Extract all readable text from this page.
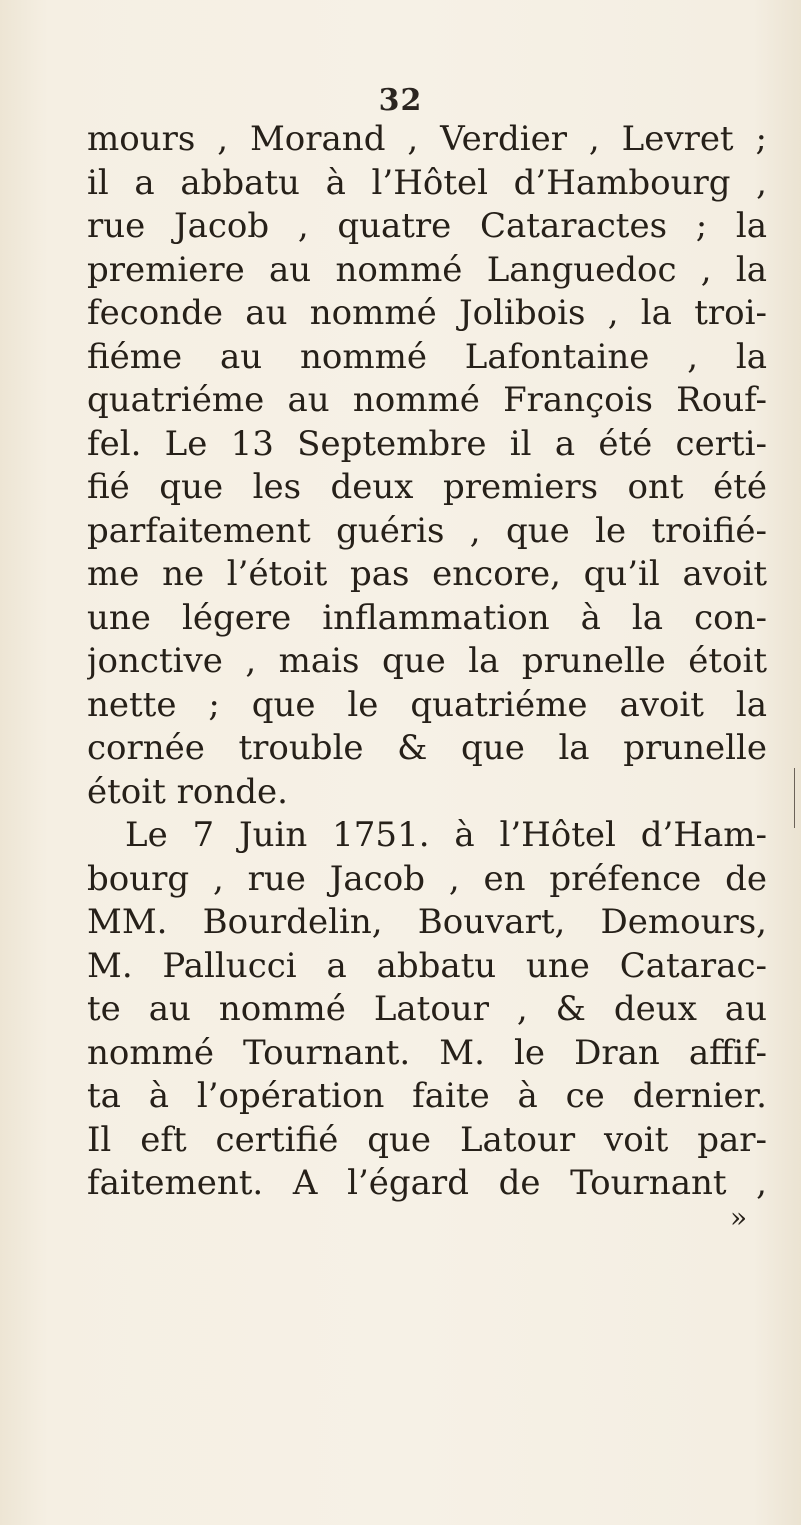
32
mours , Morand , Verdier , Levret ;
il a abbatu à l’Hôtel d’Hambourg ,
rue Jacob , quatre Cataractes ; la
premiere au nommé Languedoc , la
feconde au nommé Jolibois , la troi-
fiéme au nommé Lafontaine , la
quatriéme au nommé François Rouf-
fel. Le 13 Septembre il a été certi-
fié que les deux premiers ont été
parfaitement guéris , que le troifié-
me ne l’étoit pas encore, qu’il avoit
une légere inflammation à la con-
jonctive , mais que la prunelle étoit
nette ; que le quatriéme avoit la
cornée trouble & que la prunelle
étoit ronde.
Le 7 Juin 1751. à l’Hôtel d’Ham-
bourg , rue Jacob , en préfence de
MM. Bourdelin, Bouvart, Demours,
M. Pallucci a abbatu une Catarac-
te au nommé Latour , & deux au
nommé Tournant. M. le Dran affif-
ta à l’opération faite à ce dernier.
Il eft certifié que Latour voit par-
faitement. A l’égard de Tournant ,
»
